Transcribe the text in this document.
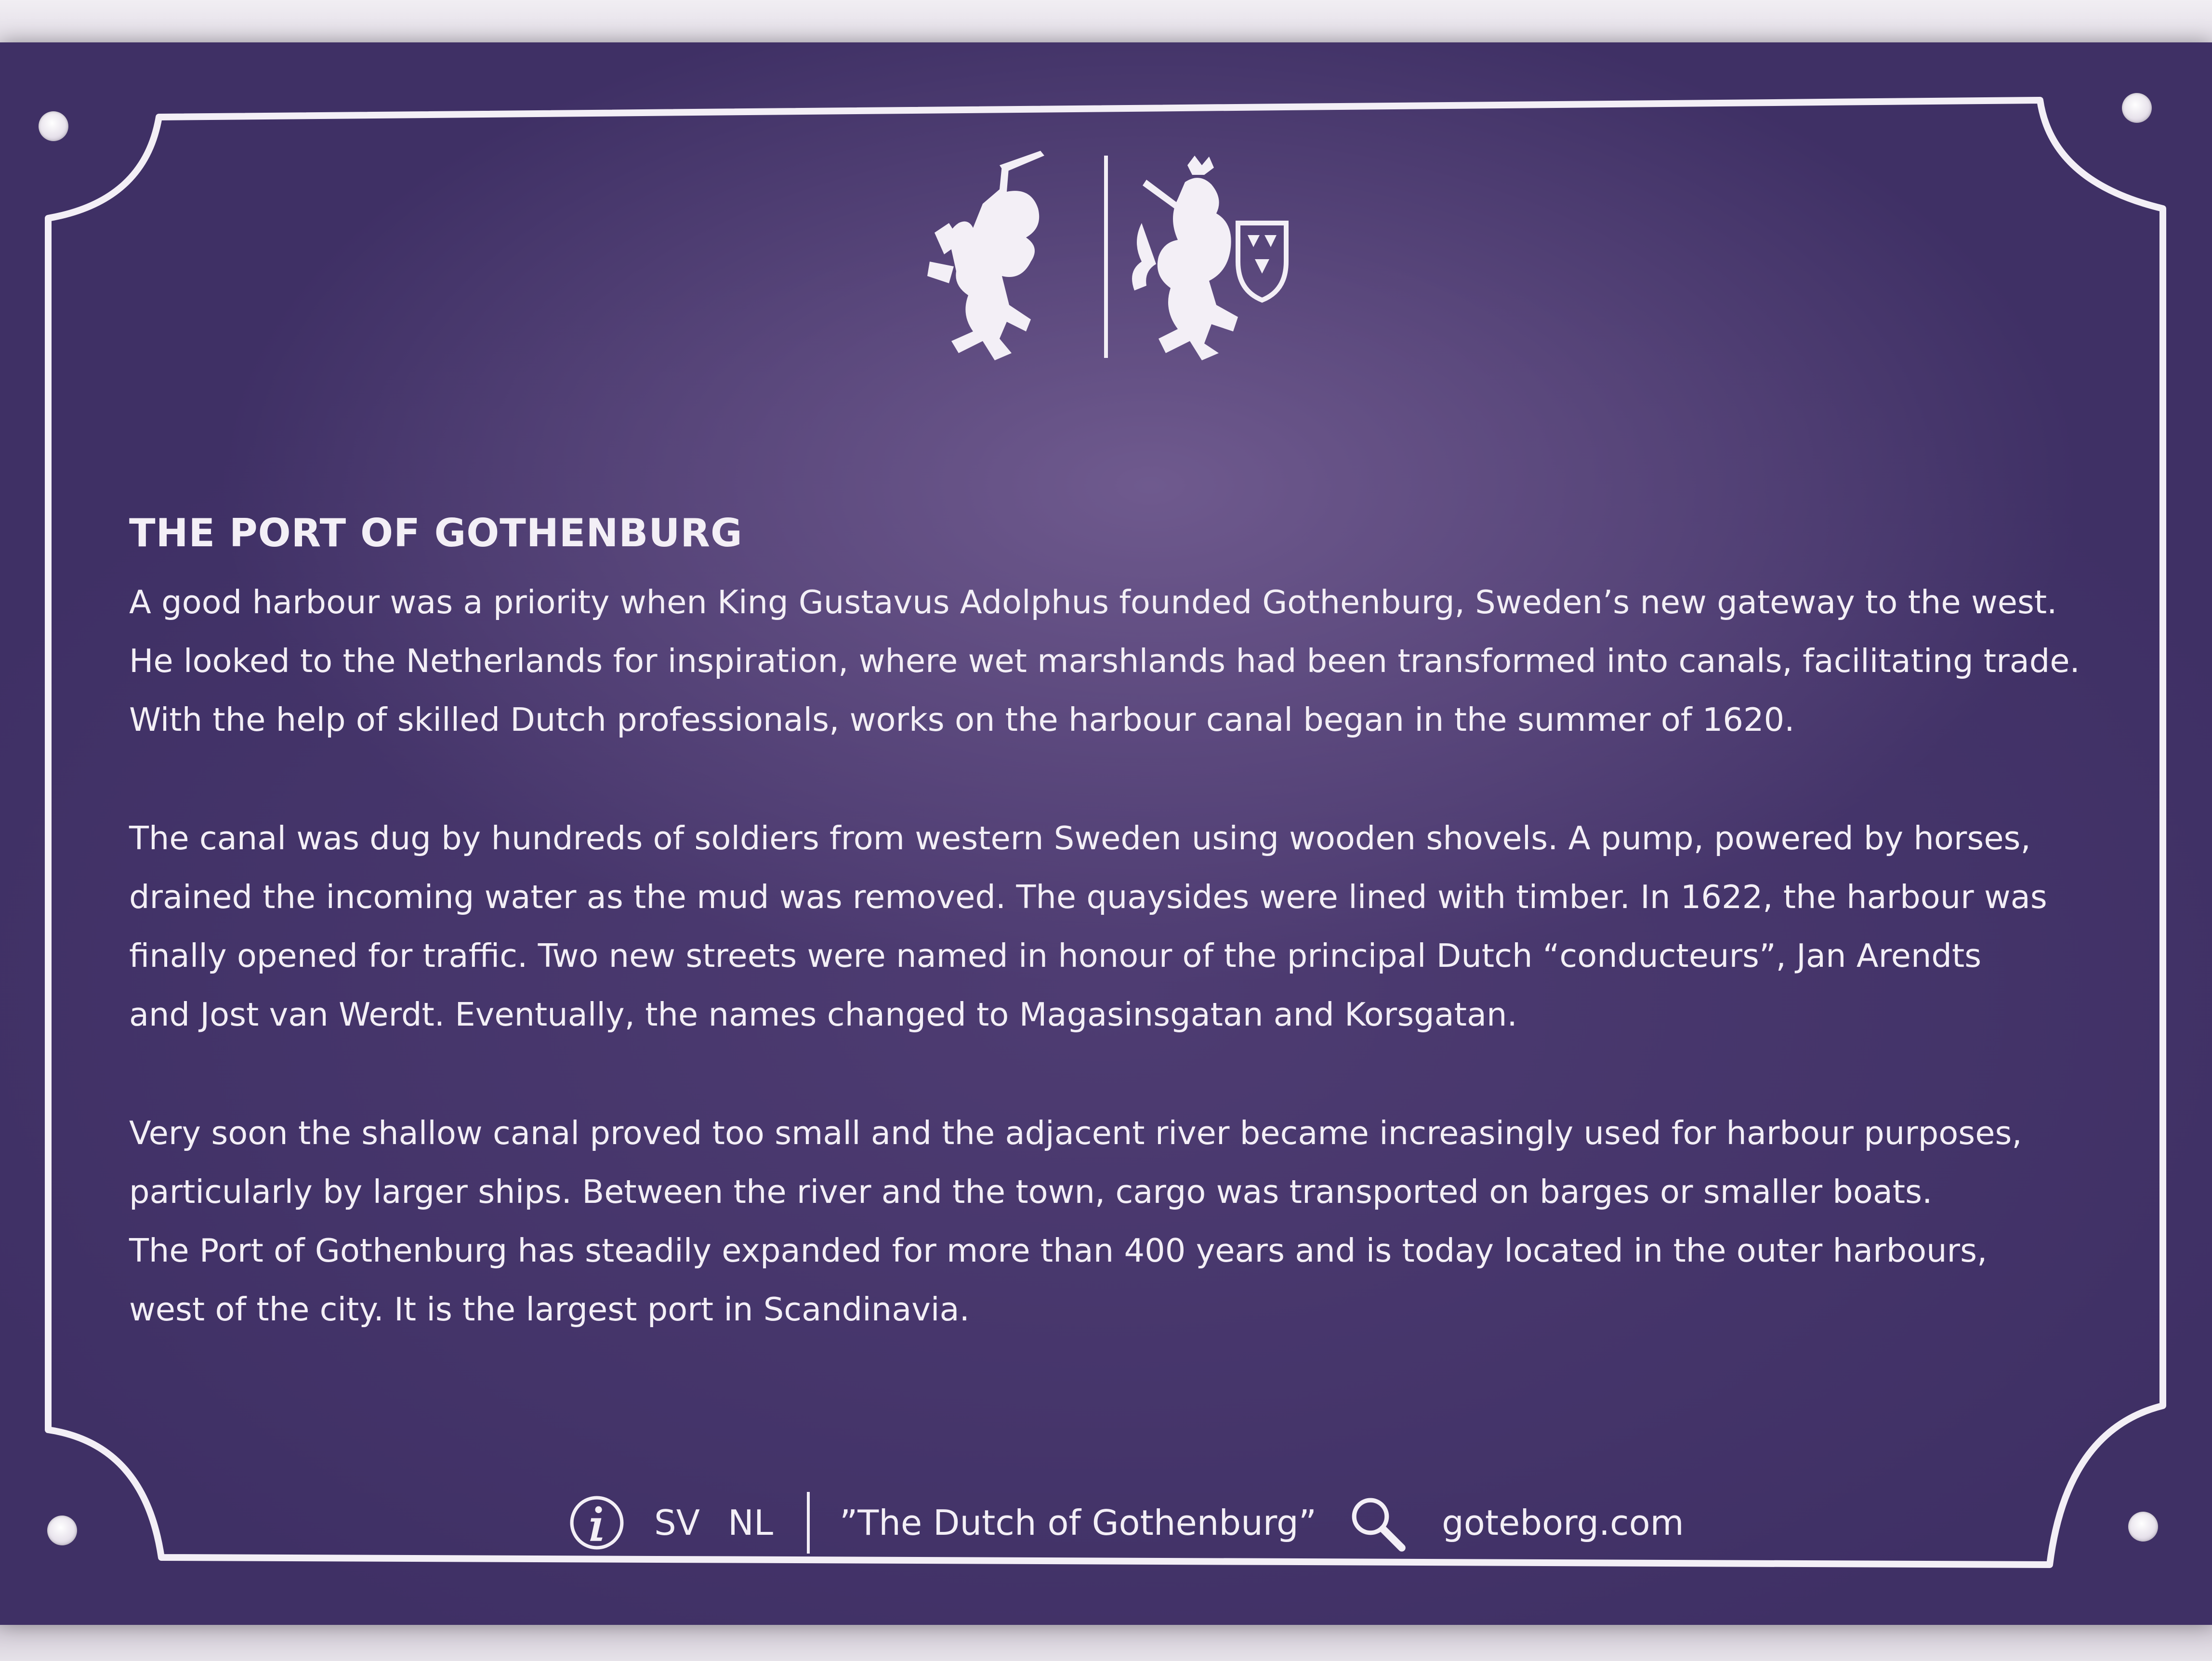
THE PORT OF GOTHENBURG

A good harbour was a priority when King Gustavus Adolphus founded Gothenburg, Sweden’s new gateway to the west.
He looked to the Netherlands for inspiration, where wet marshlands had been transformed into canals, facilitating trade.
With the help of skilled Dutch professionals, works on the harbour canal began in the summer of 1620.

The canal was dug by hundreds of soldiers from western Sweden using wooden shovels. A pump, powered by horses,
drained the incoming water as the mud was removed. The quaysides were lined with timber. In 1622, the harbour was
finally opened for traffic. Two new streets were named in honour of the principal Dutch “conducteurs”, Jan Arendts
and Jost van Werdt. Eventually, the names changed to Magasinsgatan and Korsgatan.

Very soon the shallow canal proved too small and the adjacent river became increasingly used for harbour purposes,
particularly by larger ships. Between the river and the town, cargo was transported on barges or smaller boats.
The Port of Gothenburg has steadily expanded for more than 400 years and is today located in the outer harbours,
west of the city. It is the largest port in Scandinavia.

SV NL ”The Dutch of Gothenburg”	goteborg.com
